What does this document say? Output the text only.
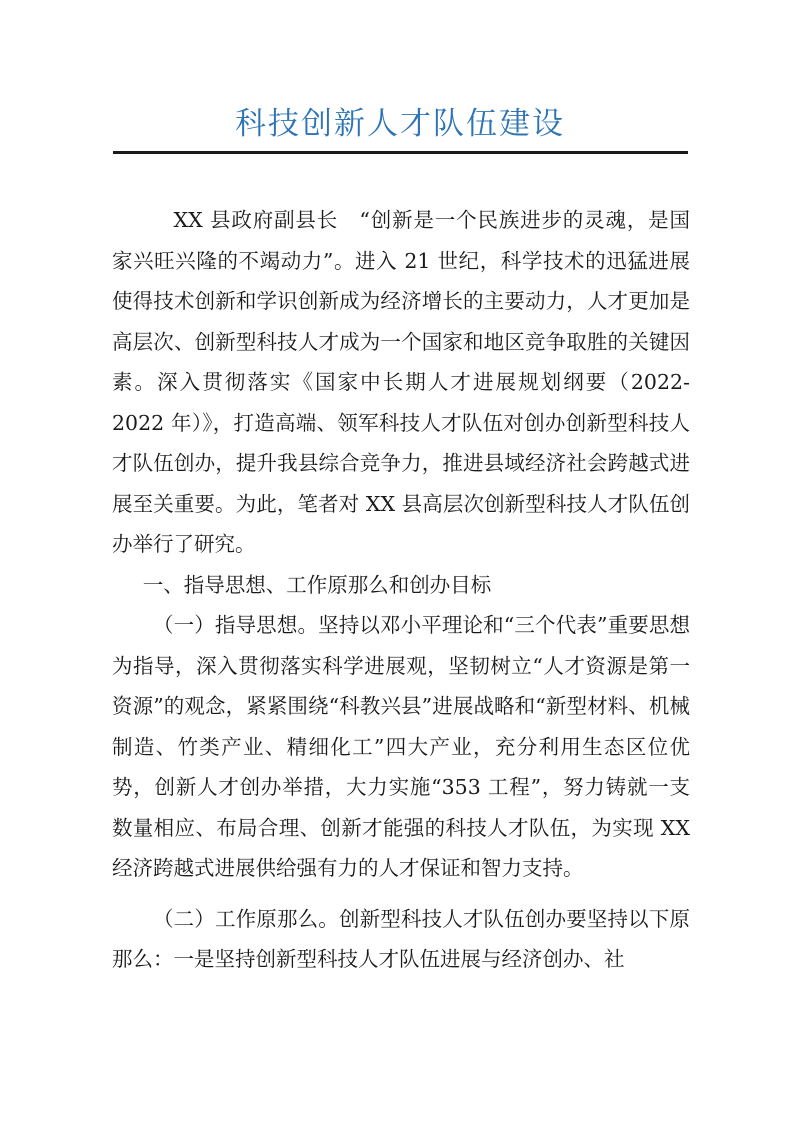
科技创新人才队伍建设

XX 县政府副县长　“创新是一个民族进步的灵魂，是国家兴旺兴隆的不竭动力”。进入 21 世纪，科学技术的迅猛进展使得技术创新和学识创新成为经济增长的主要动力，人才更加是高层次、创新型科技人才成为一个国家和地区竞争取胜的关键因素。深入贯彻落实《国家中长期人才进展规划纲要（2022-2022 年）》，打造高端、领军科技人才队伍对创办创新型科技人才队伍创办，提升我县综合竞争力，推进县域经济社会跨越式进展至关重要。为此，笔者对 XX 县高层次创新型科技人才队伍创办举行了研究。

一、指导思想、工作原那么和创办目标

（一）指导思想。坚持以邓小平理论和“三个代表”重要思想为指导，深入贯彻落实科学进展观，坚韧树立“人才资源是第一资源”的观念，紧紧围绕“科教兴县”进展战略和“新型材料、机械制造、竹类产业、精细化工”四大产业，充分利用生态区位优势，创新人才创办举措，大力实施“353 工程”，努力铸就一支数量相应、布局合理、创新才能强的科技人才队伍，为实现 XX 经济跨越式进展供给强有力的人才保证和智力支持。

（二）工作原那么。创新型科技人才队伍创办要坚持以下原那么：一是坚持创新型科技人才队伍进展与经济创办、社
